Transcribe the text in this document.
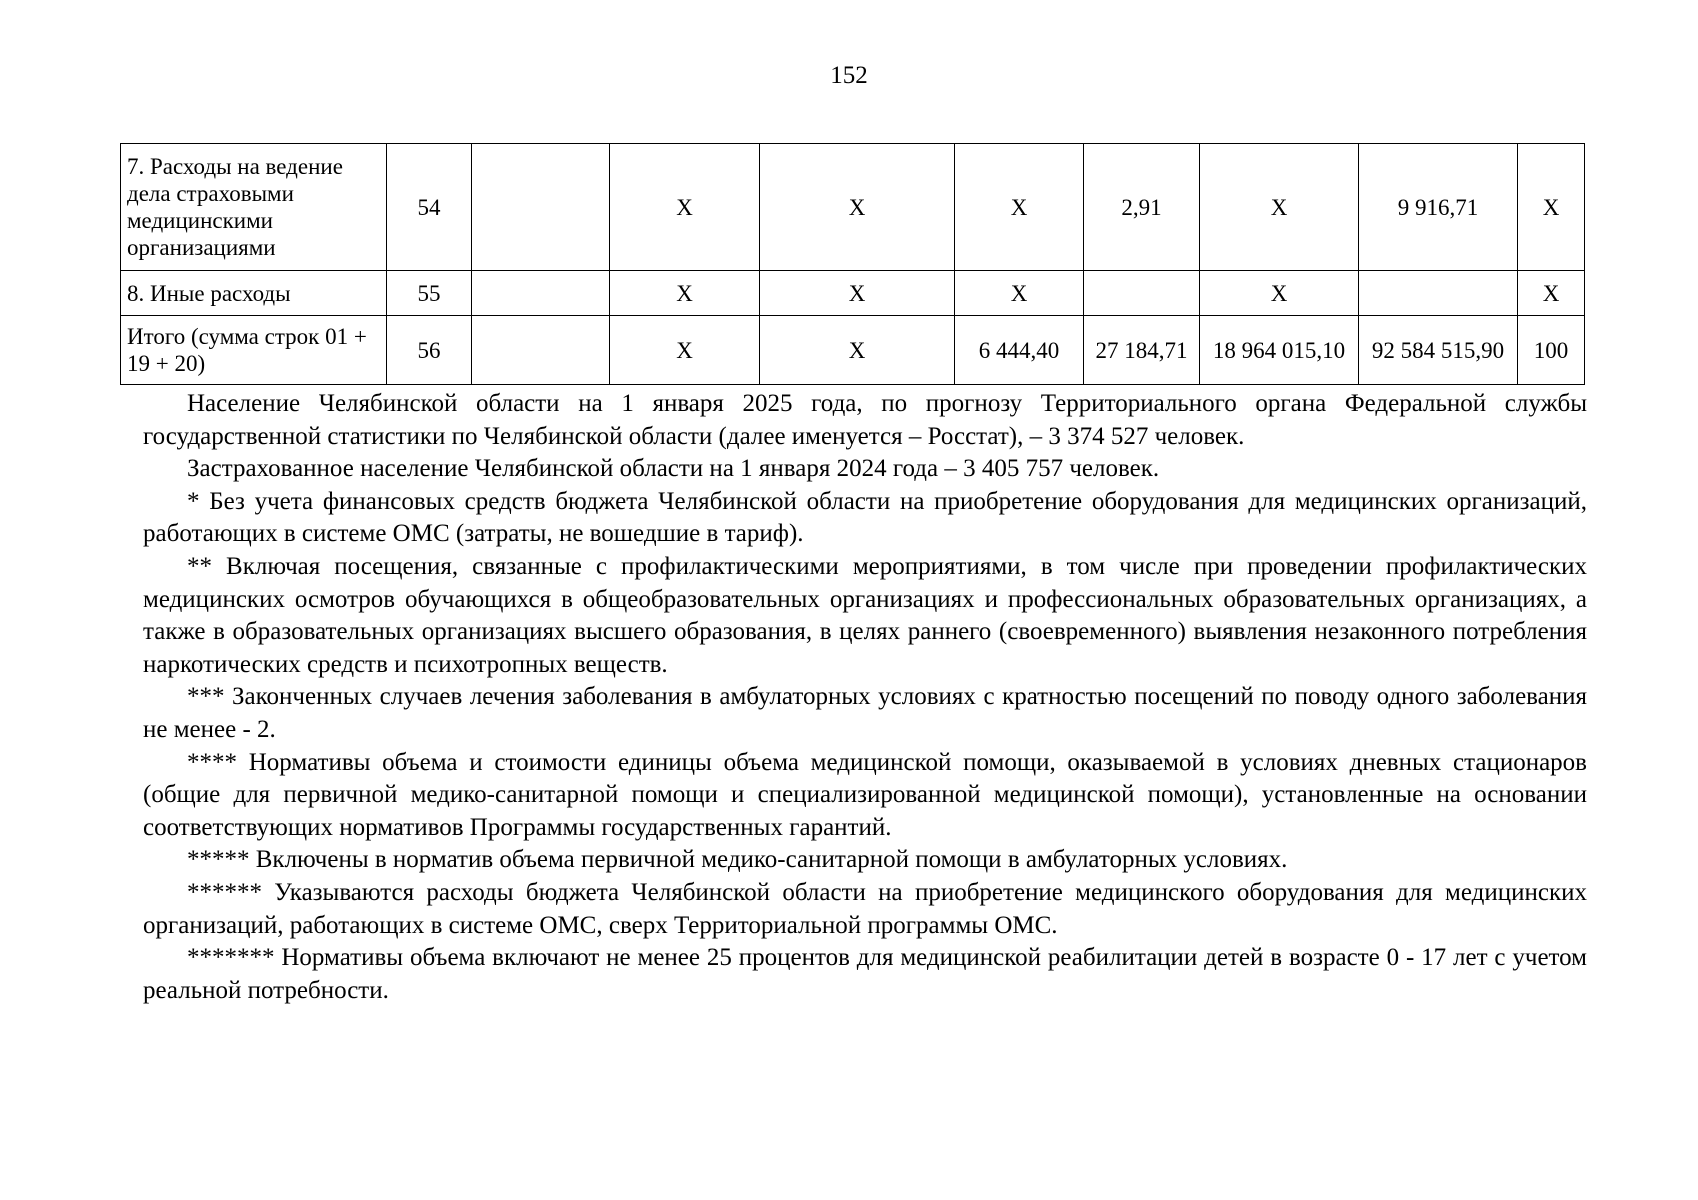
152
7. Расходы на ведение дела страховыми медицинскими организациями	54		X	X	X	2,91	X	9 916,71	X
8. Иные расходы	55		X	X	X		X		X
Итого (сумма строк 01 + 19 + 20)	56		X	X	6 444,40	27 184,71	18 964 015,10	92 584 515,90	100

Население Челябинской области на 1 января 2025 года, по прогнозу Территориального органа Федеральной службы государственной статистики по Челябинской области (далее именуется – Росстат), – 3 374 527 человек.

Застрахованное население Челябинской области на 1 января 2024 года – 3 405 757 человек.

* Без учета финансовых средств бюджета Челябинской области на приобретение оборудования для медицинских организаций, работающих в системе ОМС (затраты, не вошедшие в тариф).

** Включая посещения, связанные с профилактическими мероприятиями, в том числе при проведении профилактических медицинских осмотров обучающихся в общеобразовательных организациях и профессиональных образовательных организациях, а также в образовательных организациях высшего образования, в целях раннего (своевременного) выявления незаконного потребления наркотических средств и психотропных веществ.

*** Законченных случаев лечения заболевания в амбулаторных условиях с кратностью посещений по поводу одного заболевания не менее - 2.

**** Нормативы объема и стоимости единицы объема медицинской помощи, оказываемой в условиях дневных стационаров (общие для первичной медико-санитарной помощи и специализированной медицинской помощи), установленные на основании соответствующих нормативов Программы государственных гарантий.

***** Включены в норматив объема первичной медико-санитарной помощи в амбулаторных условиях.

****** Указываются расходы бюджета Челябинской области на приобретение медицинского оборудования для медицинских организаций, работающих в системе ОМС, сверх Территориальной программы ОМС.

******* Нормативы объема включают не менее 25 процентов для медицинской реабилитации детей в возрасте 0 - 17 лет с учетом реальной потребности.
